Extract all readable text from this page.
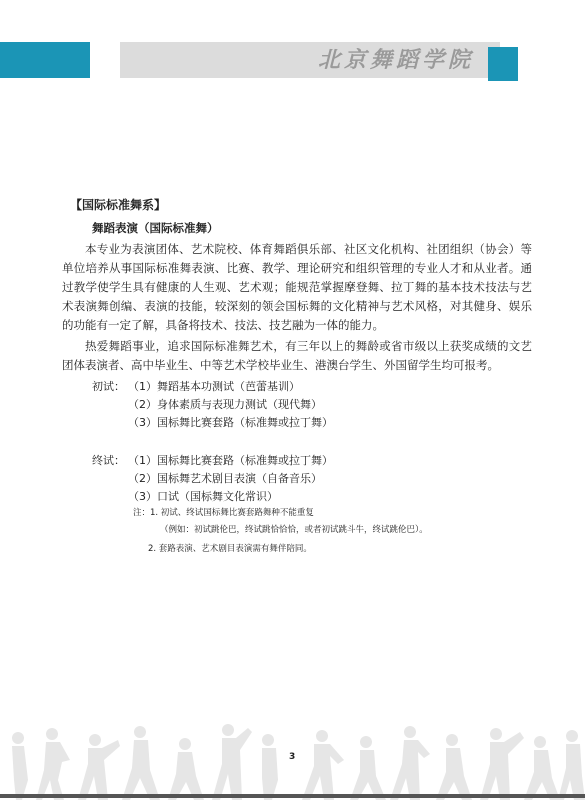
北京舞蹈学院
【国际标准舞系】
舞蹈表演（国际标准舞）

本专业为表演团体、艺术院校、体育舞蹈俱乐部、社区文化机构、社团组织（协会）等单位培养从事国际标准舞表演、比赛、教学、理论研究和组织管理的专业人才和从业者。通过教学使学生具有健康的人生观、艺术观；能规范掌握摩登舞、拉丁舞的基本技术技法与艺术表演舞创编、表演的技能，较深刻的领会国标舞的文化精神与艺术风格，对其健身、娱乐的功能有一定了解，具备将技术、技法、技艺融为一体的能力。

热爱舞蹈事业，追求国际标准舞艺术，有三年以上的舞龄或省市级以上获奖成绩的文艺团体表演者、高中毕业生、中等艺术学校毕业生、港澳台学生、外国留学生均可报考。

初试： （1）舞蹈基本功测试（芭蕾基训）
（2）身体素质与表现力测试（现代舞）
（3）国标舞比赛套路（标准舞或拉丁舞）
终试： （1）国标舞比赛套路（标准舞或拉丁舞）
（2）国标舞艺术剧目表演（自备音乐）
（3）口试（国标舞文化常识）
注：1. 初试、终试国标舞比赛套路舞种不能重复
（例如：初试跳伦巴，终试跳恰恰恰，或者初试跳斗牛，终试跳伦巴）。
2. 套路表演、艺术剧目表演需有舞伴陪同。
3
